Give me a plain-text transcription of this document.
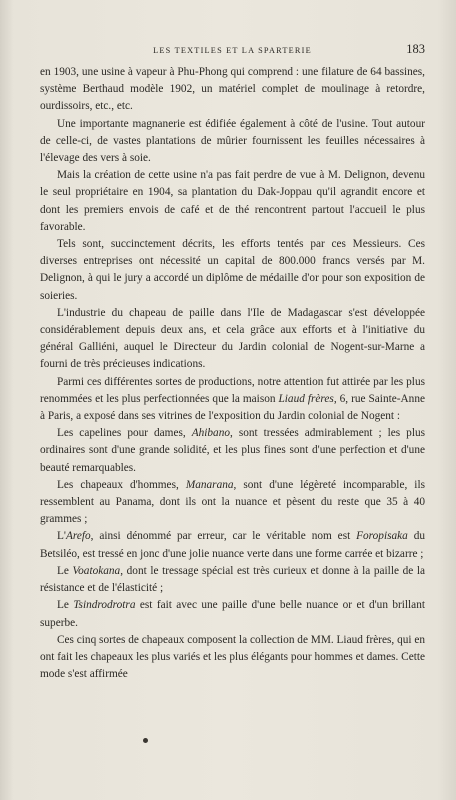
LES TEXTILES ET LA SPARTERIE	183

en 1903, une usine à vapeur à Phu-Phong qui comprend : une filature de 64 bassines, système Berthaud modèle 1902, un matériel complet de moulinage à retordre, ourdissoirs, etc., etc.

Une importante magnanerie est édifiée également à côté de l'usine. Tout autour de celle-ci, de vastes plantations de mûrier fournissent les feuilles nécessaires à l'élevage des vers à soie.

Mais la création de cette usine n'a pas fait perdre de vue à M. Delignon, devenu le seul propriétaire en 1904, sa plantation du Dak-Joppau qu'il agrandit encore et dont les premiers envois de café et de thé rencontrent partout l'accueil le plus favorable.

Tels sont, succinctement décrits, les efforts tentés par ces Messieurs. Ces diverses entreprises ont nécessité un capital de 800.000 francs versés par M. Delignon, à qui le jury a accordé un diplôme de médaille d'or pour son exposition de soieries.

L'industrie du chapeau de paille dans l'Ile de Madagascar s'est développée considérablement depuis deux ans, et cela grâce aux efforts et à l'initiative du général Galliéni, auquel le Directeur du Jardin colonial de Nogent-sur-Marne a fourni de très précieuses indications.

Parmi ces différentes sortes de productions, notre attention fut attirée par les plus renommées et les plus perfectionnées que la maison Liaud frères, 6, rue Sainte-Anne à Paris, a exposé dans ses vitrines de l'exposition du Jardin colonial de Nogent :

Les capelines pour dames, Ahibano, sont tressées admirablement ; les plus ordinaires sont d'une grande solidité, et les plus fines sont d'une perfection et d'une beauté remarquables.

Les chapeaux d'hommes, Manarana, sont d'une légèreté incomparable, ils ressemblent au Panama, dont ils ont la nuance et pèsent du reste que 35 à 40 grammes ;

L'Arefo, ainsi dénommé par erreur, car le véritable nom est Foropisaka du Betsiléo, est tressé en jonc d'une jolie nuance verte dans une forme carrée et bizarre ;

Le Voatokana, dont le tressage spécial est très curieux et donne à la paille de la résistance et de l'élasticité ;

Le Tsindrodrotra est fait avec une paille d'une belle nuance or et d'un brillant superbe.

Ces cinq sortes de chapeaux composent la collection de MM. Liaud frères, qui en ont fait les chapeaux les plus variés et les plus élégants pour hommes et dames. Cette mode s'est affirmée
